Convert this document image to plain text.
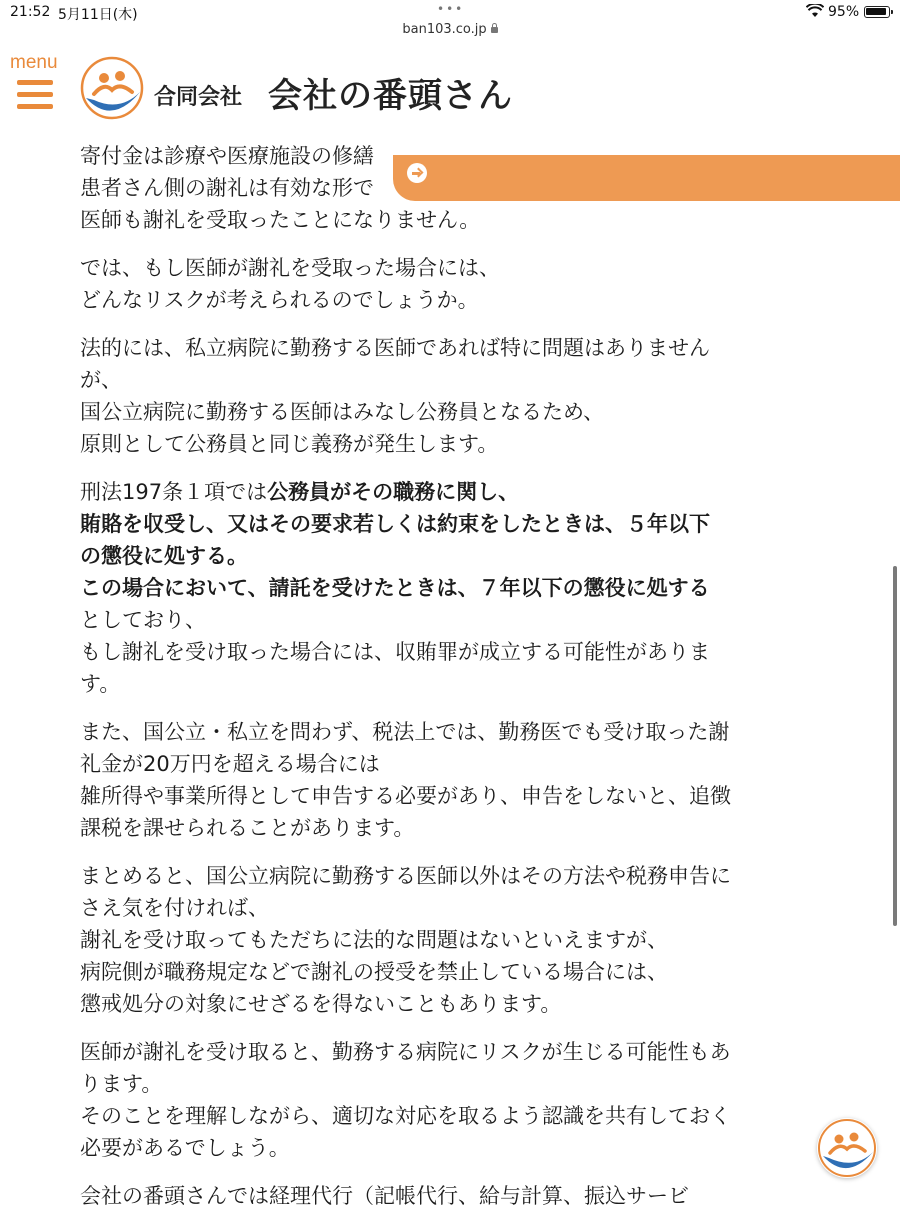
21:52 5月11日(木)	•••	95%
ban103.co.jp
menu
合同会社 会社の番頭さん

寄付金は診療や医療施設の修繕
患者さん側の謝礼は有効な形で
医師も謝礼を受取ったことになりません。

では、もし医師が謝礼を受取った場合には、
どんなリスクが考えられるのでしょうか。

法的には、私立病院に勤務する医師であれば特に問題はありません
が、
国公立病院に勤務する医師はみなし公務員となるため、
原則として公務員と同じ義務が発生します。

刑法197条１項では公務員がその職務に関し、
賄賂を収受し、又はその要求若しくは約束をしたときは、５年以下
の懲役に処する。
この場合において、請託を受けたときは、７年以下の懲役に処する
としており、
もし謝礼を受け取った場合には、収賄罪が成立する可能性がありま
す。

また、国公立・私立を問わず、税法上では、勤務医でも受け取った謝
礼金が20万円を超える場合には
雑所得や事業所得として申告する必要があり、申告をしないと、追徴
課税を課せられることがあります。

まとめると、国公立病院に勤務する医師以外はその方法や税務申告に
さえ気を付ければ、
謝礼を受け取ってもただちに法的な問題はないといえますが、
病院側が職務規定などで謝礼の授受を禁止している場合には、
懲戒処分の対象にせざるを得ないこともあります。

医師が謝礼を受け取ると、勤務する病院にリスクが生じる可能性もあ
ります。
そのことを理解しながら、適切な対応を取るよう認識を共有しておく
必要があるでしょう。

会社の番頭さんでは経理代行（記帳代行、給与計算、振込サービ
